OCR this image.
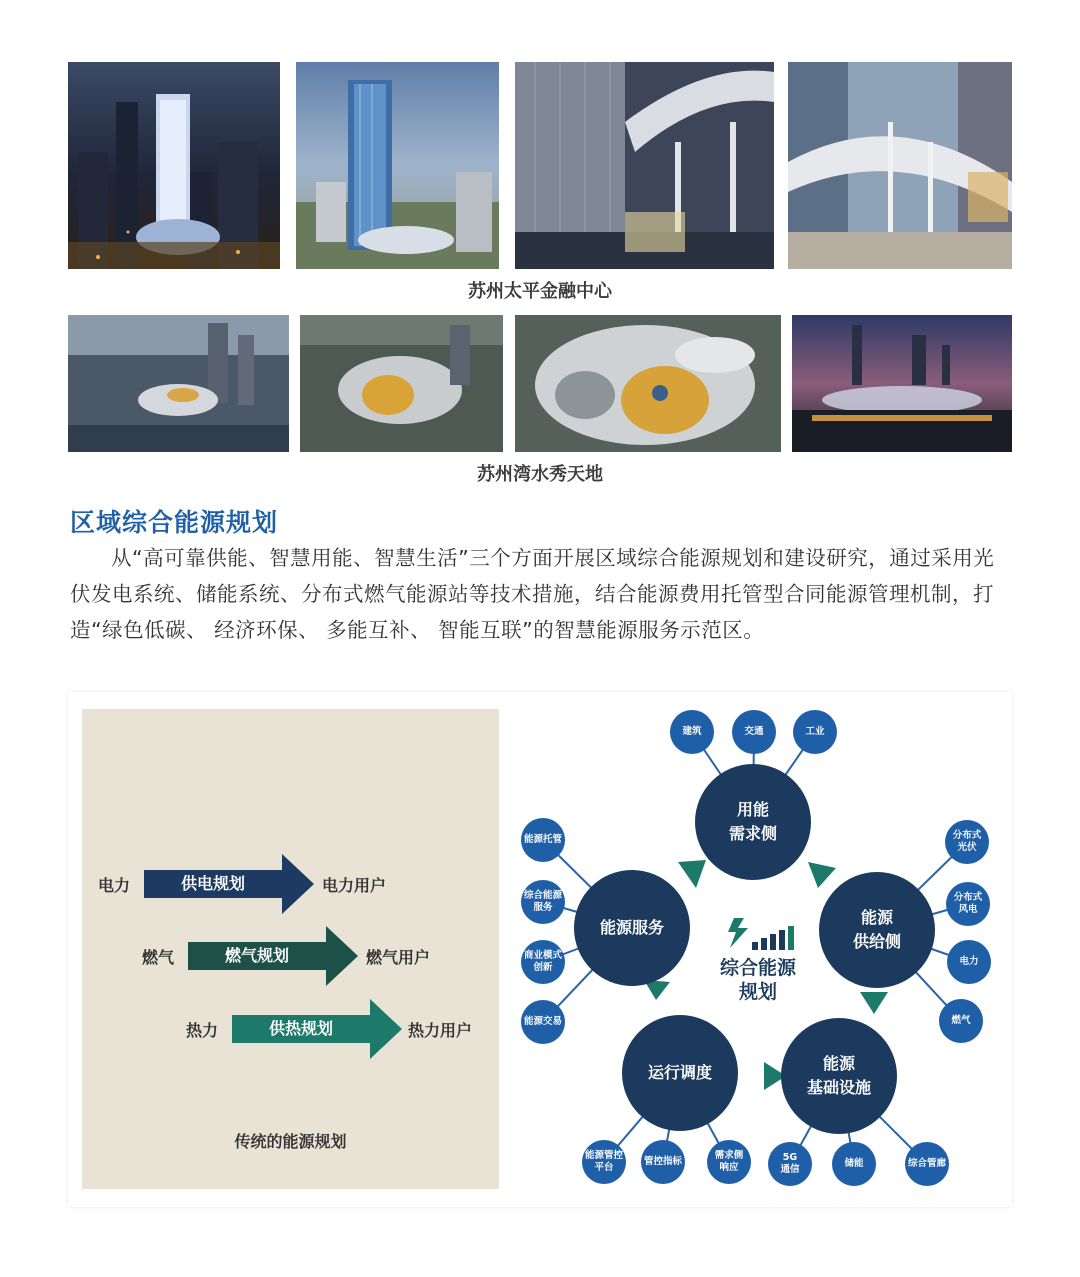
苏州太平金融中心
苏州湾水秀天地
区域综合能源规划

从“高可靠供能、智慧用能、智慧生活”三个方面开展区域综合能源规划和建设研究，通过采用光伏发电系统、储能系统、分布式燃气能源站等技术措施，结合能源费用托管型合同能源管理机制，打造“绿色低碳、 经济环保、 多能互补、 智能互联”的智慧能源服务示范区。

电力	供电规划	电力用户
燃气	燃气规划	燃气用户
热力	供热规划	热力用户
传统的能源规划
综合能源
规划
用能
需求侧
能源
供给侧
能源
基础设施
运行调度
能源服务
建筑	交通	工业
分布式
光伏
分布式
风电
电力
燃气
5G
通信
储能	综合管廊
能源管控
平台
管控指标
需求侧
响应
能源托管
综合能源
服务
商业模式
创新
能源交易
